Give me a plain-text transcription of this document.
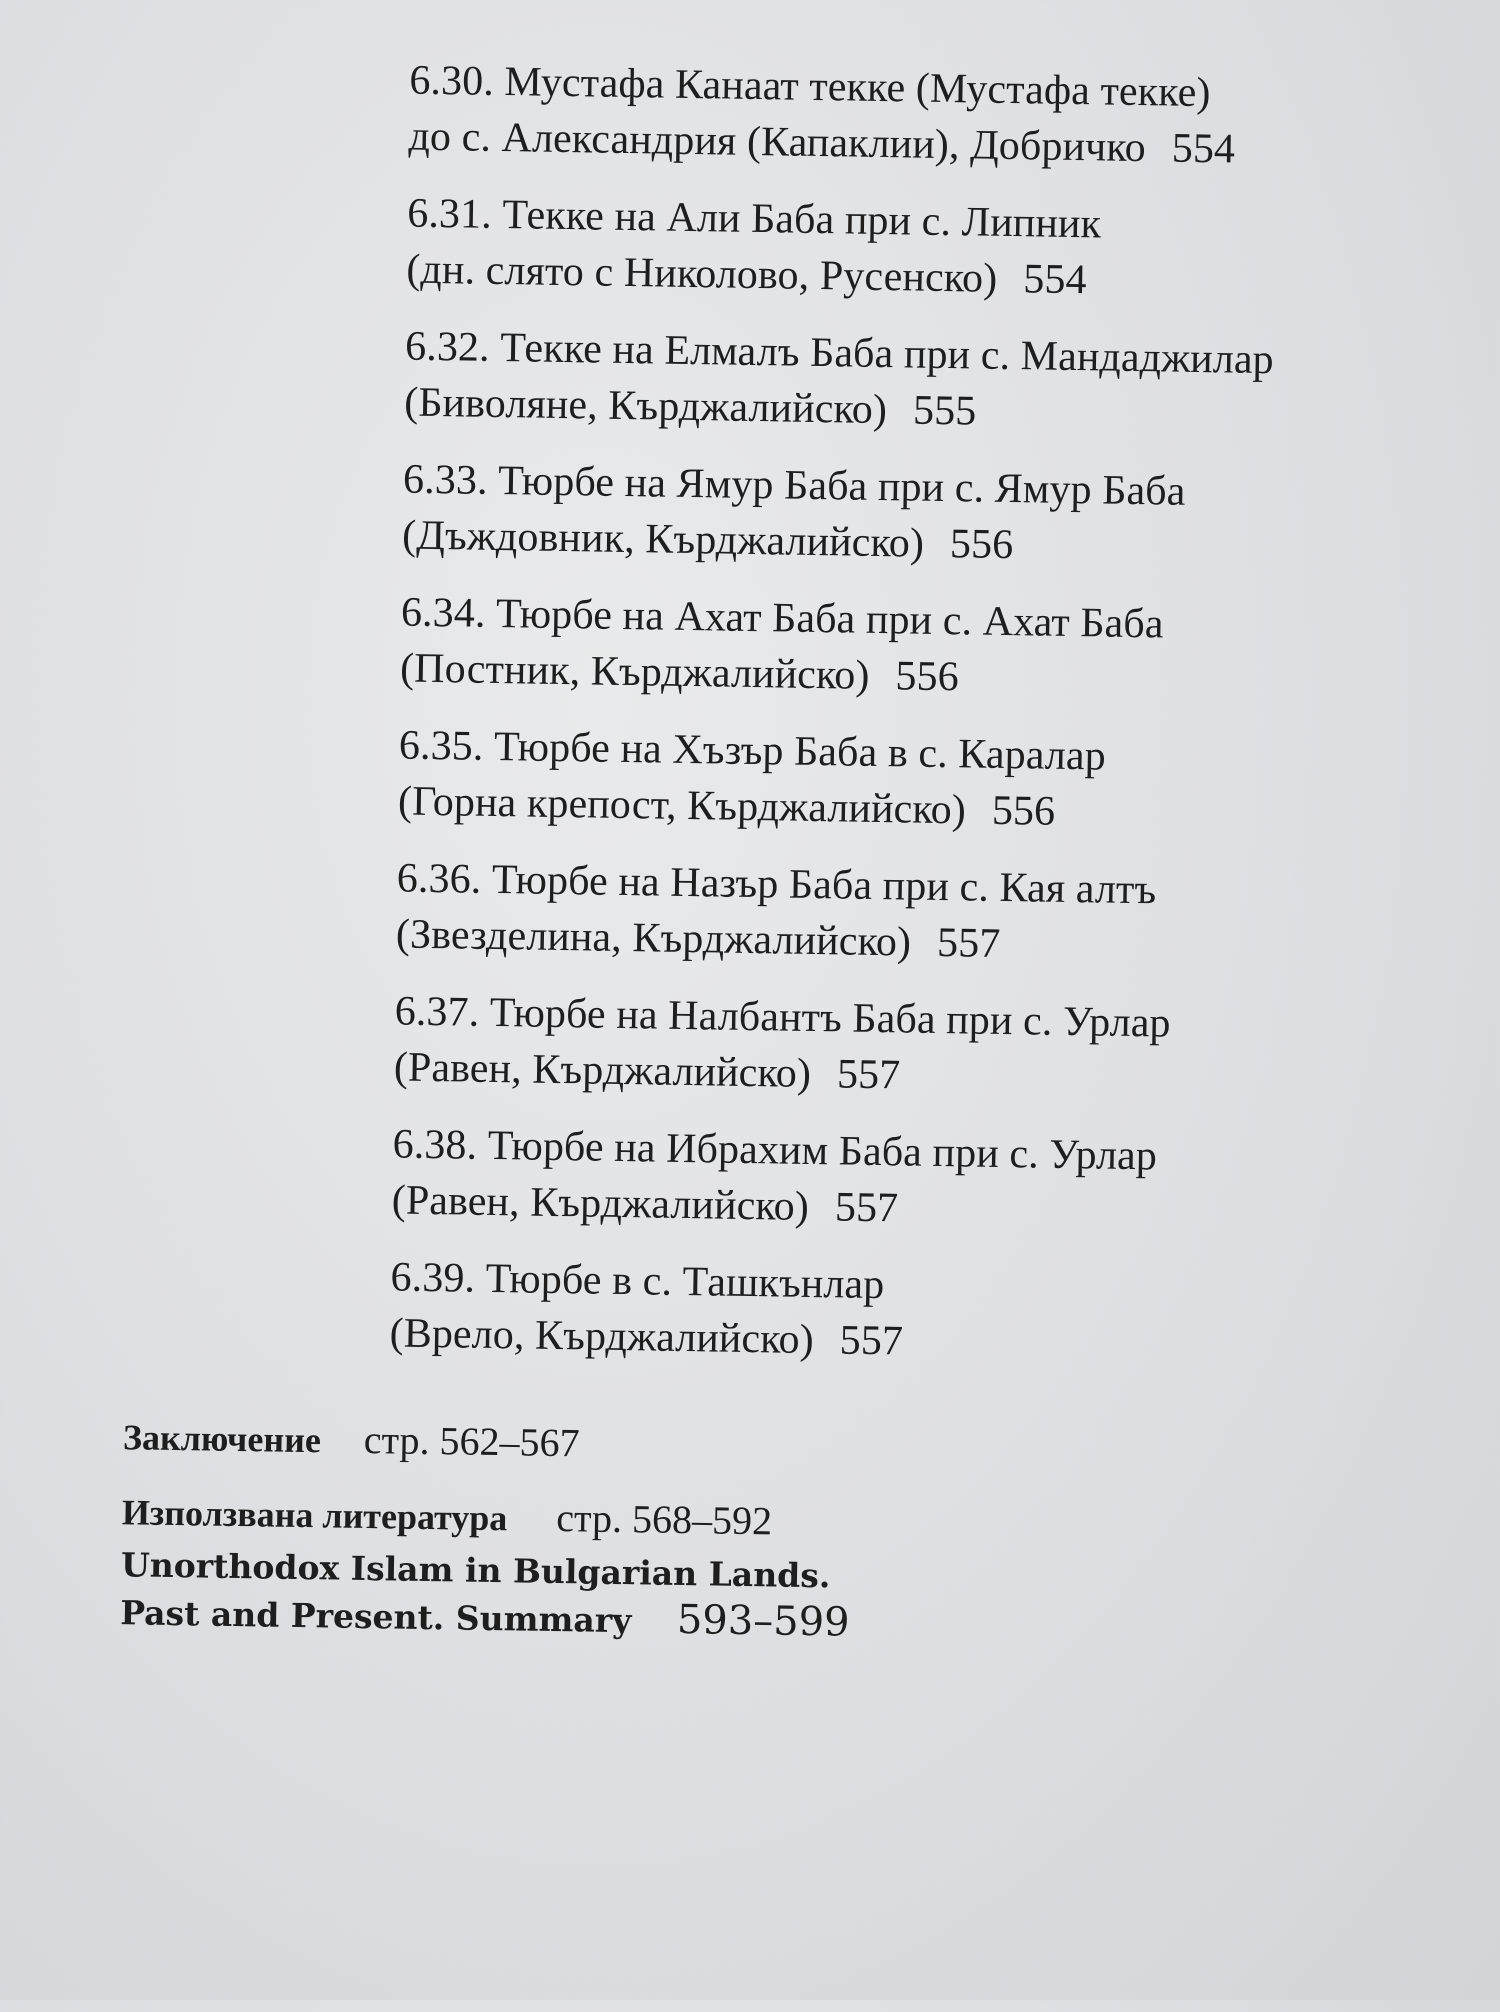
6.30. Мустафа Канаат текке (Мустафа текке)
до с. Александрия (Капаклии), Добричко 554
6.31. Текке на Али Баба при с. Липник
(дн. слято с Николово, Русенско) 554
6.32. Текке на Елмалъ Баба при с. Мандаджилар
(Биволяне, Кърджалийско) 555
6.33. Тюрбе на Ямур Баба при с. Ямур Баба
(Дъждовник, Кърджалийско) 556
6.34. Тюрбе на Ахат Баба при с. Ахат Баба
(Постник, Кърджалийско) 556
6.35. Тюрбе на Хъзър Баба в с. Каралар
(Горна крепост, Кърджалийско) 556
6.36. Тюрбе на Назър Баба при с. Кая алтъ
(Звезделина, Кърджалийско) 557
6.37. Тюрбе на Налбантъ Баба при с. Урлар
(Равен, Кърджалийско) 557
6.38. Тюрбе на Ибрахим Баба при с. Урлар
(Равен, Кърджалийско) 557
6.39. Тюрбе в с. Ташкънлар
(Врело, Кърджалийско) 557
Заключение стр. 562–567
Използвана литература стр. 568–592
Unorthodox Islam in Bulgarian Lands.
Past and Present. Summary 593–599
